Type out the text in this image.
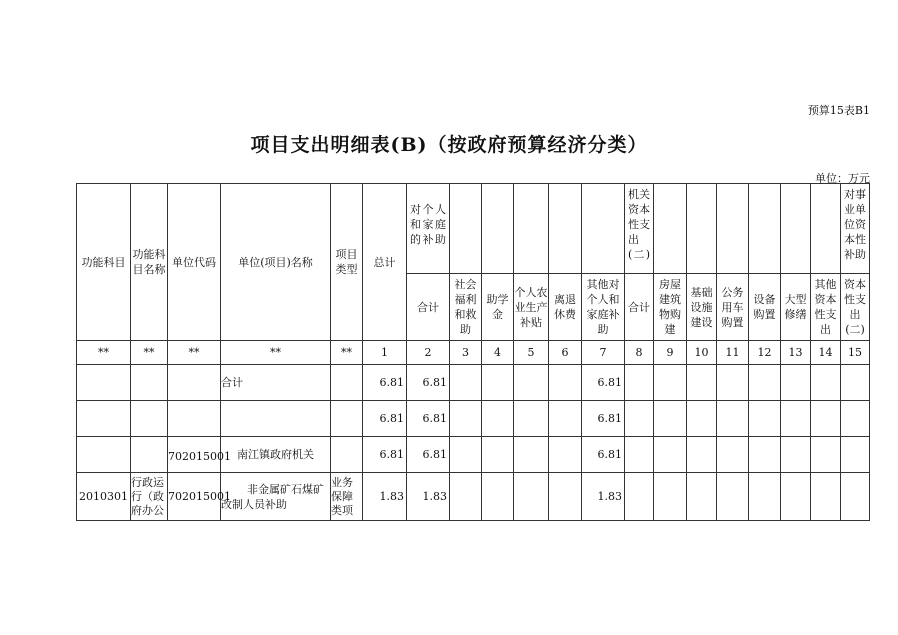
预算15表B1
项目支出明细表(B)（按政府预算经济分类）
单位：万元
功能科目	功能科目名称	单位代码	单位(项目)名称	项目类型	总计	对个人和家庭的补助						机关资本性支出(二)							对事业单位资本性补助
						合计	社会福利和救助	助学金	个人农业生产补贴	离退休费	其他对个人和家庭补助	合计	房屋建筑物购建	基础设施建设	公务用车购置	设备购置	大型修缮	其他资本性支出	资本性支出(二)
**	**	**	**	**	1	2	3	4	5	6	7	8	9	10	11	12	13	14	15
			合计		6.81	6.81					6.81								
					6.81	6.81					6.81								
		702015001	南江镇政府机关		6.81	6.81					6.81								
2010301	行政运行（政府办公	702015001	非金属矿石煤矿改制人员补助	业务保障类项	1.83	1.83					1.83								
